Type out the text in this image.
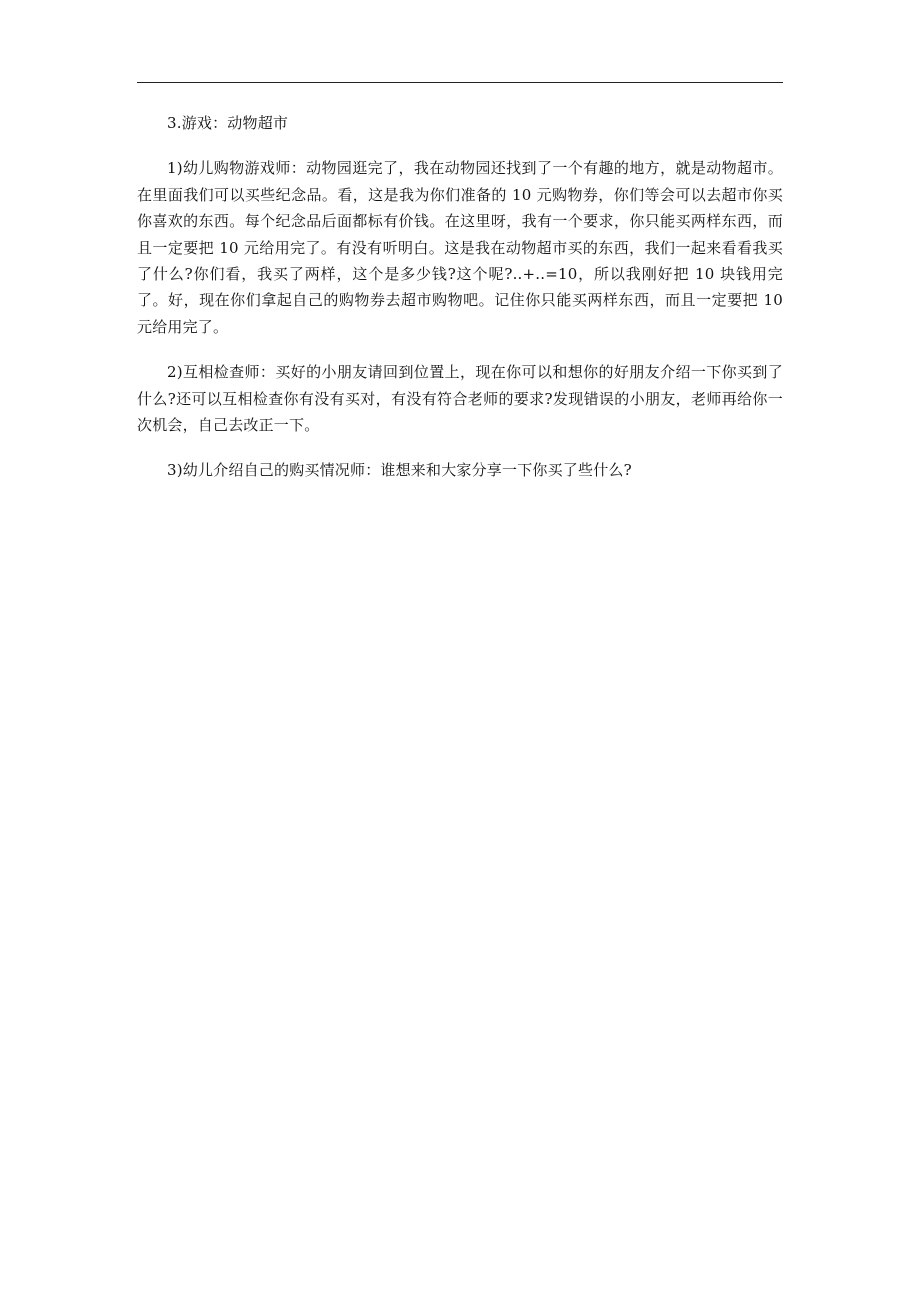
3.游戏：动物超市

1)幼儿购物游戏师：动物园逛完了，我在动物园还找到了一个有趣的地方，就是动物超市。在里面我们可以买些纪念品。看，这是我为你们准备的 10 元购物券，你们等会可以去超市你买你喜欢的东西。每个纪念品后面都标有价钱。在这里呀，我有一个要求，你只能买两样东西，而且一定要把 10 元给用完了。有没有听明白。这是我在动物超市买的东西，我们一起来看看我买了什么?你们看，我买了两样，这个是多少钱?这个呢?..+..=10，所以我刚好把 10 块钱用完了。好，现在你们拿起自己的购物券去超市购物吧。记住你只能买两样东西，而且一定要把 10 元给用完了。

2)互相检查师：买好的小朋友请回到位置上，现在你可以和想你的好朋友介绍一下你买到了什么?还可以互相检查你有没有买对，有没有符合老师的要求?发现错误的小朋友，老师再给你一次机会，自己去改正一下。

3)幼儿介绍自己的购买情况师：谁想来和大家分享一下你买了些什么?
